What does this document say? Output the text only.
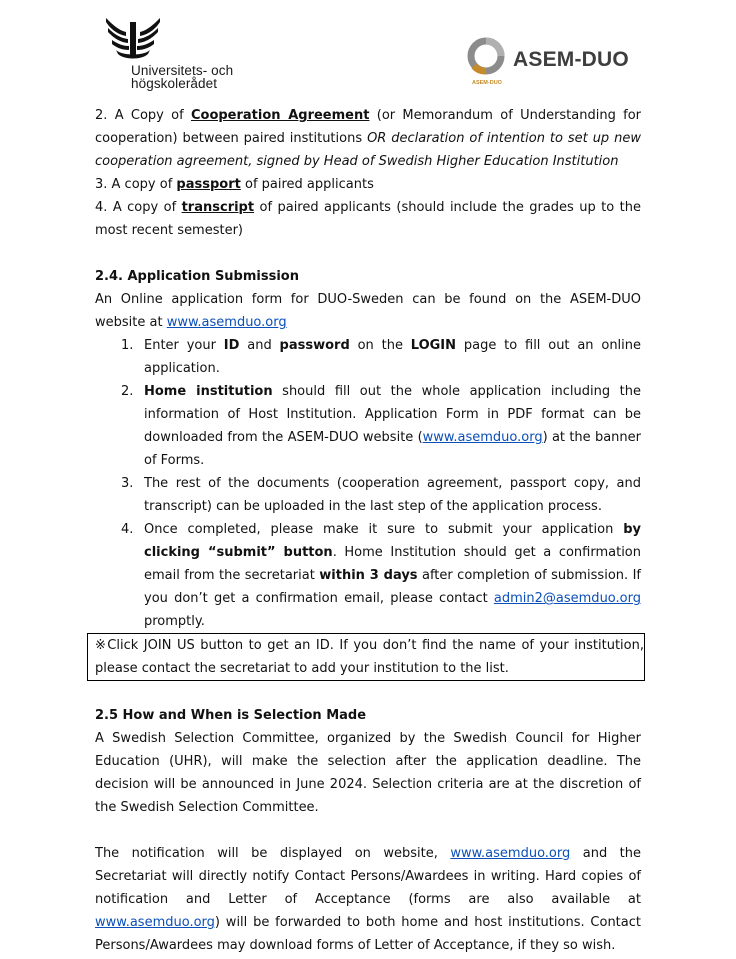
Universitets- och
högskolerådet
ASEM-DUO
ASEM-DUO

2. A Copy of Cooperation Agreement (or Memorandum of Understanding for cooperation) between paired institutions OR declaration of intention to set up new cooperation agreement, signed by Head of Swedish Higher Education Institution

3. A copy of passport of paired applicants

4. A copy of transcript of paired applicants (should include the grades up to the most recent semester)

2.4. Application Submission

An Online application form for DUO-Sweden can be found on the ASEM-DUO website at www.asemduo.org

1. Enter your ID and password on the LOGIN page to fill out an online application.
2. Home institution should fill out the whole application including the information of Host Institution. Application Form in PDF format can be downloaded from the ASEM-DUO website (www.asemduo.org) at the banner of Forms.
3. The rest of the documents (cooperation agreement, passport copy, and transcript) can be uploaded in the last step of the application process.
4. Once completed, please make it sure to submit your application by clicking “submit” button. Home Institution should get a confirmation email from the secretariat within 3 days after completion of submission. If you don’t get a confirmation email, please contact admin2@asemduo.org promptly.
※Click JOIN US button to get an ID. If you don’t find the name of your institution, please contact the secretariat to add your institution to the list.
2.5 How and When is Selection Made

A Swedish Selection Committee, organized by the Swedish Council for Higher Education (UHR), will make the selection after the application deadline. The decision will be announced in June 2024. Selection criteria are at the discretion of the Swedish Selection Committee.

The notification will be displayed on website, www.asemduo.org and the Secretariat will directly notify Contact Persons/Awardees in writing. Hard copies of notification and Letter of Acceptance (forms are also available at www.asemduo.org) will be forwarded to both home and host institutions. Contact Persons/Awardees may download forms of Letter of Acceptance, if they so wish.
